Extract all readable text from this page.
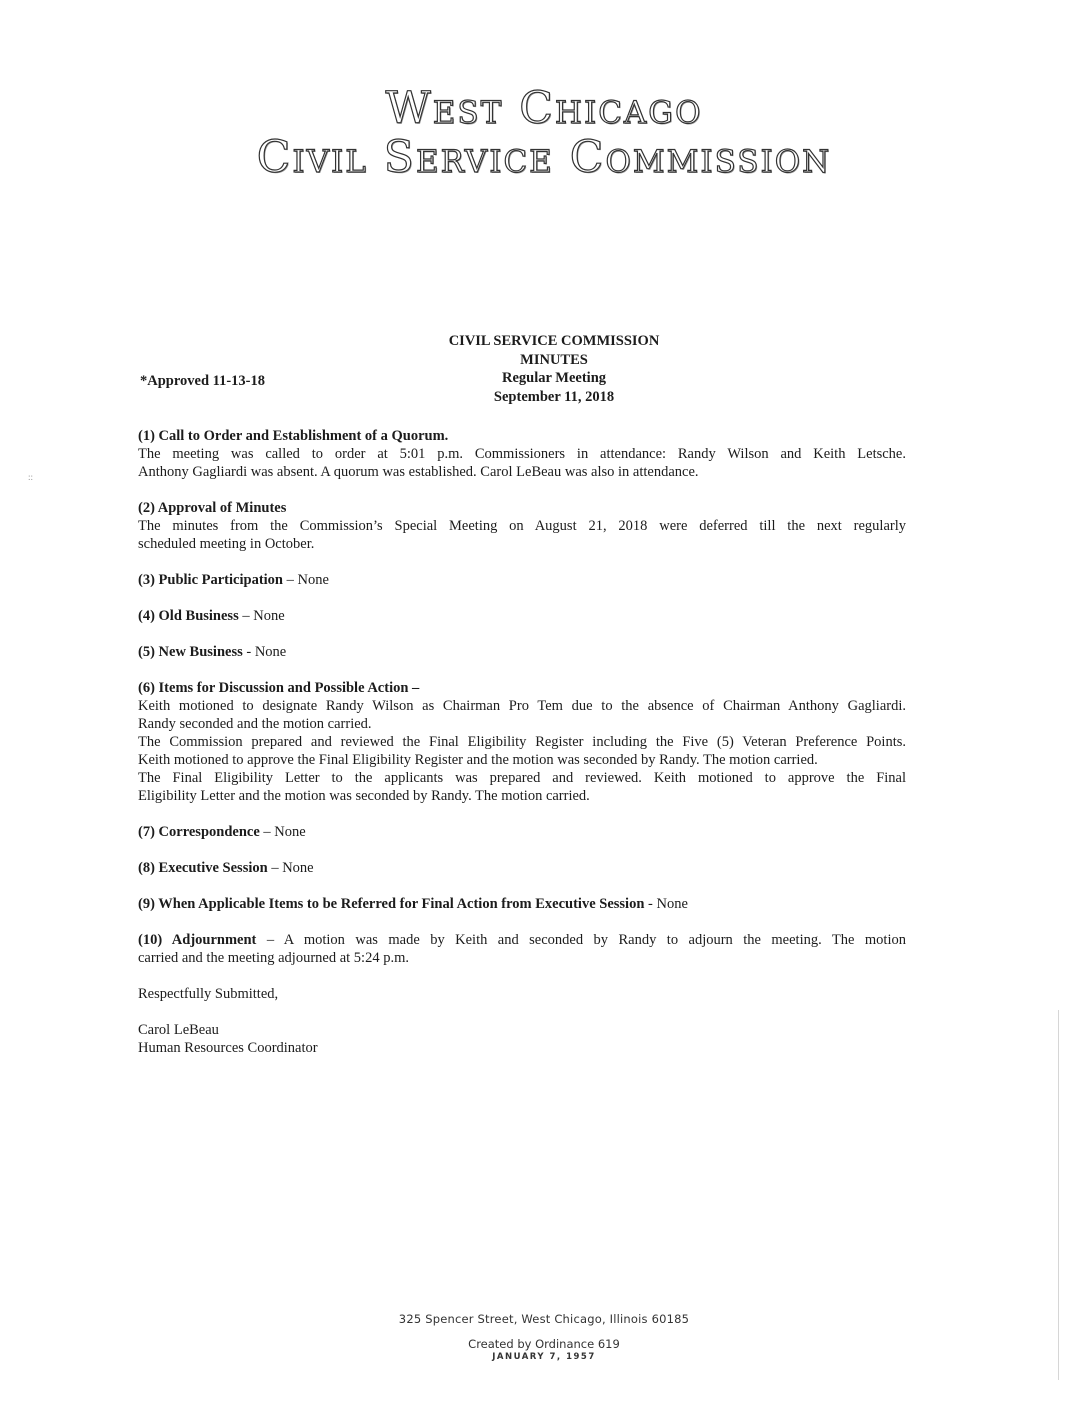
West Chicago
Civil Service Commission
CIVIL SERVICE COMMISSION
MINUTES
Regular Meeting
September 11, 2018
*Approved 11-13-18
::
(1) Call to Order and Establishment of a Quorum.
The meeting was called to order at 5:01 p.m. Commissioners in attendance: Randy Wilson and Keith Letsche.
Anthony Gagliardi was absent. A quorum was established. Carol LeBeau was also in attendance.
(2) Approval of Minutes
The minutes from the Commission’s Special Meeting on August 21, 2018 were deferred till the next regularly
scheduled meeting in October.
(3) Public Participation – None
(4) Old Business – None
(5) New Business - None
(6) Items for Discussion and Possible Action –
Keith motioned to designate Randy Wilson as Chairman Pro Tem due to the absence of Chairman Anthony Gagliardi.
Randy seconded and the motion carried.
The Commission prepared and reviewed the Final Eligibility Register including the Five (5) Veteran Preference Points.
Keith motioned to approve the Final Eligibility Register and the motion was seconded by Randy. The motion carried.
The Final Eligibility Letter to the applicants was prepared and reviewed. Keith motioned to approve the Final
Eligibility Letter and the motion was seconded by Randy. The motion carried.
(7) Correspondence – None
(8) Executive Session – None
(9) When Applicable Items to be Referred for Final Action from Executive Session - None
(10) Adjournment – A motion was made by Keith and seconded by Randy to adjourn the meeting. The motion
carried and the meeting adjourned at 5:24 p.m.
Respectfully Submitted,
Carol LeBeau
Human Resources Coordinator
325 Spencer Street, West Chicago, Illinois 60185
Created by Ordinance 619
JANUARY 7, 1957
